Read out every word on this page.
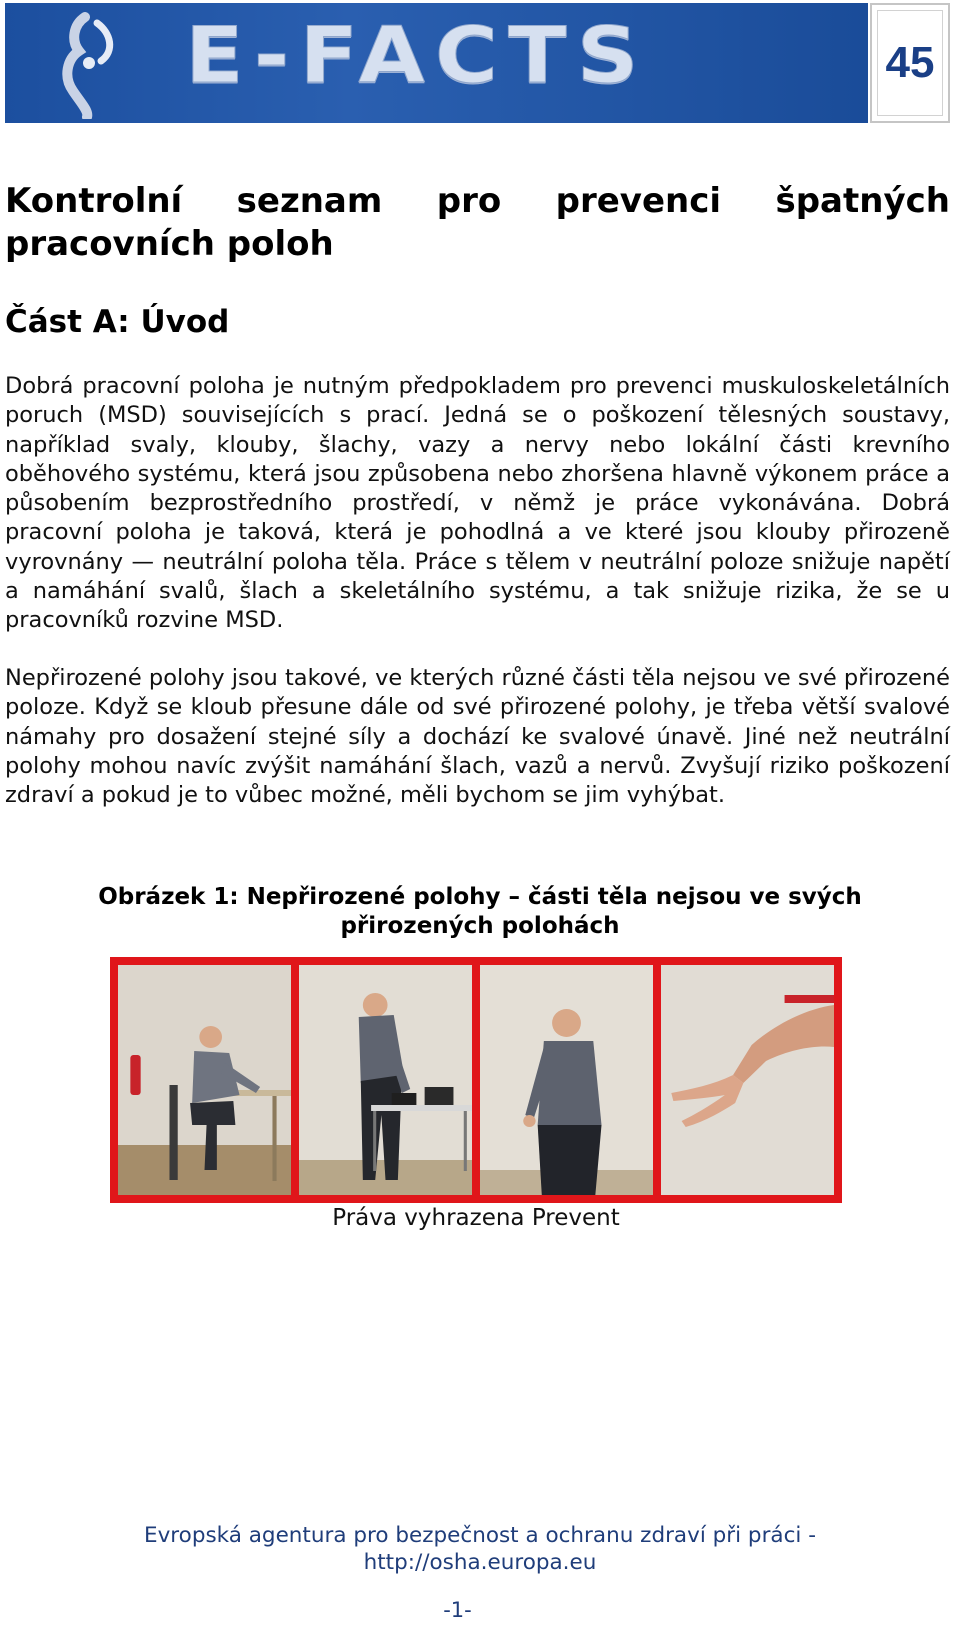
E-FACTS	45
Kontrolní seznam pro prevenci špatných
pracovních poloh
Část A: Úvod

Dobrá pracovní poloha je nutným předpokladem pro prevenci muskuloskeletálních poruch (MSD) souvisejících s prací. Jedná se o poškození tělesných soustavy, například svaly, klouby, šlachy, vazy a nervy nebo lokální části krevního oběhového systému, která jsou způsobena nebo zhoršena hlavně výkonem práce a působením bezprostředního prostředí, v němž je práce vykonávána. Dobrá pracovní poloha je taková, která je pohodlná a ve které jsou klouby přirozeně vyrovnány — neutrální poloha těla. Práce s tělem v neutrální poloze snižuje napětí a namáhání svalů, šlach a skeletálního systému, a tak snižuje rizika, že se u pracovníků rozvine MSD.

Nepřirozené polohy jsou takové, ve kterých různé části těla nejsou ve své přirozené poloze. Když se kloub přesune dále od své přirozené polohy, je třeba větší svalové námahy pro dosažení stejné síly a dochází ke svalové únavě. Jiné než neutrální polohy mohou navíc zvýšit namáhání šlach, vazů a nervů. Zvyšují riziko poškození zdraví a pokud je to vůbec možné, měli bychom se jim vyhýbat.

Obrázek 1: Nepřirozené polohy – části těla nejsou ve svých přirozených polohách

Práva vyhrazena Prevent

Evropská agentura pro bezpečnost a ochranu zdraví při práci -
http://osha.europa.eu

-1-
